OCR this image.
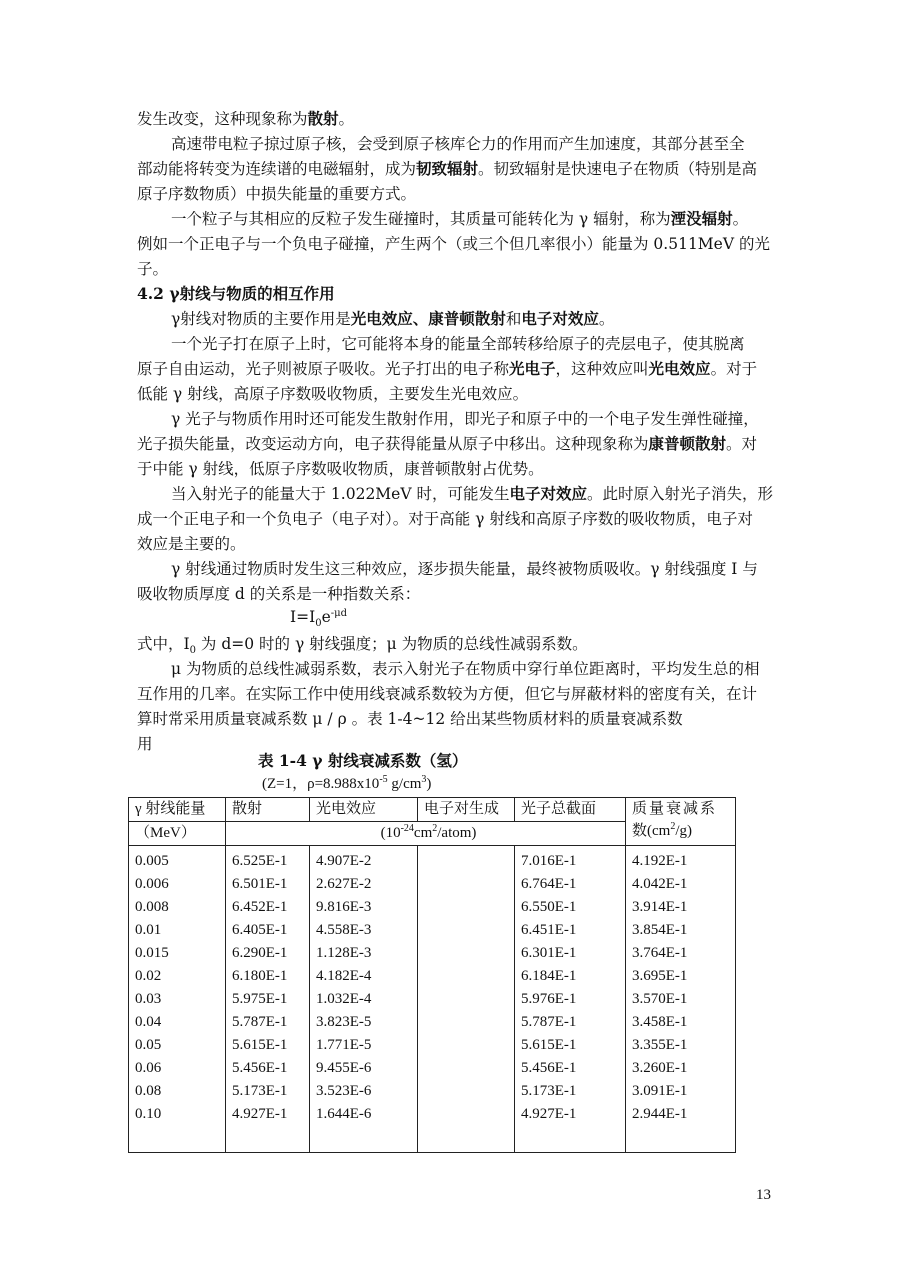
发生改变，这种现象称为散射。
高速带电粒子掠过原子核，会受到原子核库仑力的作用而产生加速度，其部分甚至全
部动能将转变为连续谱的电磁辐射，成为韧致辐射。韧致辐射是快速电子在物质（特别是高
原子序数物质）中损失能量的重要方式。
一个粒子与其相应的反粒子发生碰撞时，其质量可能转化为 γ 辐射，称为湮没辐射。
例如一个正电子与一个负电子碰撞，产生两个（或三个但几率很小）能量为 0.511MeV 的光
子。
4.2 γ射线与物质的相互作用
γ射线对物质的主要作用是光电效应、康普顿散射和电子对效应。
一个光子打在原子上时，它可能将本身的能量全部转移给原子的壳层电子，使其脱离
原子自由运动，光子则被原子吸收。光子打出的电子称光电子，这种效应叫光电效应。对于
低能 γ 射线，高原子序数吸收物质，主要发生光电效应。
γ 光子与物质作用时还可能发生散射作用，即光子和原子中的一个电子发生弹性碰撞，
光子损失能量，改变运动方向，电子获得能量从原子中移出。这种现象称为康普顿散射。对
于中能 γ 射线，低原子序数吸收物质，康普顿散射占优势。
当入射光子的能量大于 1.022MeV 时，可能发生电子对效应。此时原入射光子消失，形
成一个正电子和一个负电子（电子对）。对于高能 γ 射线和高原子序数的吸收物质，电子对
效应是主要的。
γ 射线通过物质时发生这三种效应，逐步损失能量，最终被物质吸收。γ 射线强度 I 与
吸收物质厚度 d 的关系是一种指数关系：
$I=I_0e^{-\mu d}$
式中，$I_0$ 为 d=0 时的 γ 射线强度；μ 为物质的总线性减弱系数。
μ 为物质的总线性减弱系数，表示入射光子在物质中穿行单位距离时，平均发生总的相
互作用的几率。在实际工作中使用线衰减系数较为方便，但它与屏蔽材料的密度有关，在计
算时常采用质量衰减系数 μ / ρ 。表 1-4~12 给出某些物质材料的质量衰减系数
用
表 1-4 γ 射线衰减系数（氢）
(Z=1，$\rho=8.988x10^{-5}$ $g/cm^3$)
γ 射线能量	散射	光电效应	电子对生成	光子总截面	质量衰减系
数$(cm^2/g)$
（MeV）	$(10^{-24}cm^2/atom)$				
0.005	6.525E-1	4.907E-2		7.016E-1	4.192E-1
0.006	6.501E-1	2.627E-2		6.764E-1	4.042E-1
0.008	6.452E-1	9.816E-3		6.550E-1	3.914E-1
0.01	6.405E-1	4.558E-3		6.451E-1	3.854E-1
0.015	6.290E-1	1.128E-3		6.301E-1	3.764E-1
0.02	6.180E-1	4.182E-4		6.184E-1	3.695E-1
0.03	5.975E-1	1.032E-4		5.976E-1	3.570E-1
0.04	5.787E-1	3.823E-5		5.787E-1	3.458E-1
0.05	5.615E-1	1.771E-5		5.615E-1	3.355E-1
0.06	5.456E-1	9.455E-6		5.456E-1	3.260E-1
0.08	5.173E-1	3.523E-6		5.173E-1	3.091E-1
0.10	4.927E-1	1.644E-6		4.927E-1	2.944E-1

13
